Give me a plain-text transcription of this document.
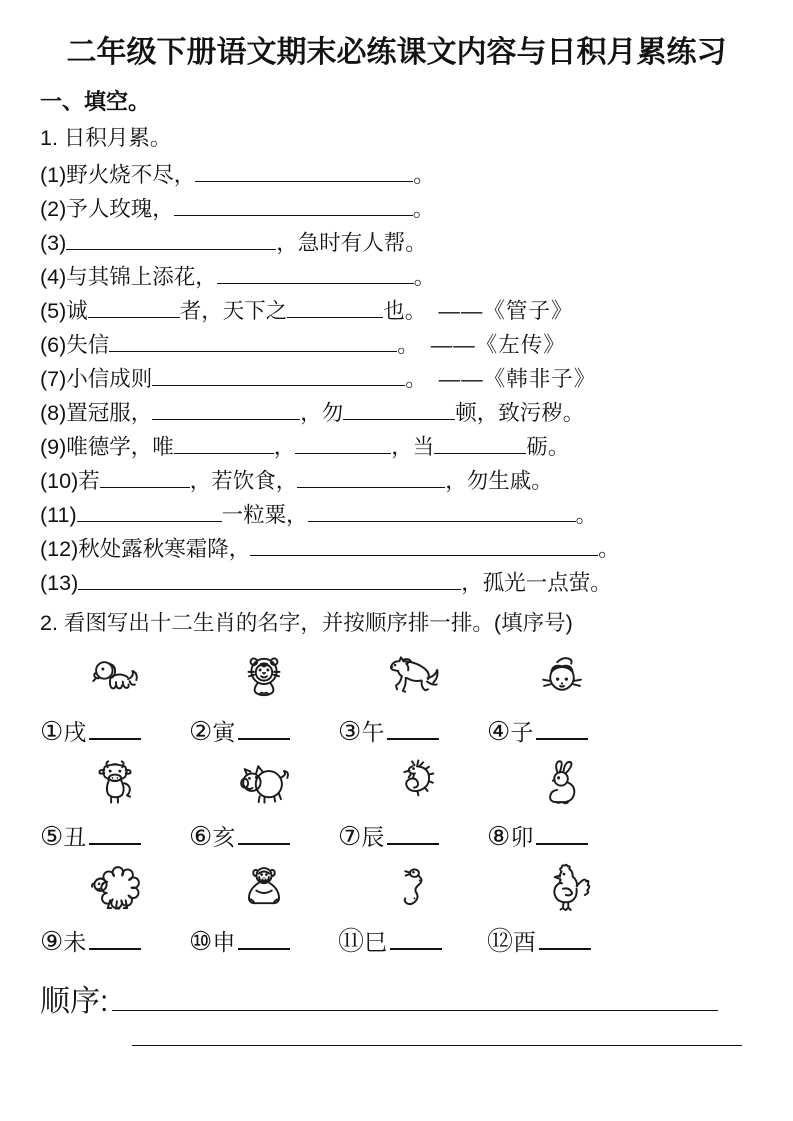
二年级下册语文期末必练课文内容与日积月累练习
一、填空。
1. 日积月累。
(1)野火烧不尽，	。
(2)予人玫瑰，	。
(3)	，急时有人帮。
(4)与其锦上添花，	。
(5)诚	者，天下之	也。 ——《管子》
(6)失信	。 ——《左传》
(7)小信成则	。 ——《韩非子》
(8)置冠服，	，勿	顿，致污秽。
(9)唯德学，唯	，	，当	砺。
(10)若	，若饮食，	，勿生戚。
(11)	一粒粟，	。
(12)秋处露秋寒霜降，	。
(13)	，孤光一点萤。
2. 看图写出十二生肖的名字，并按顺序排一排。(填序号)
①戌	②寅	③午	④子
⑤丑	⑥亥	⑦辰	⑧卯
⑨未	⑩申	⑪巳	⑫酉
顺序:
